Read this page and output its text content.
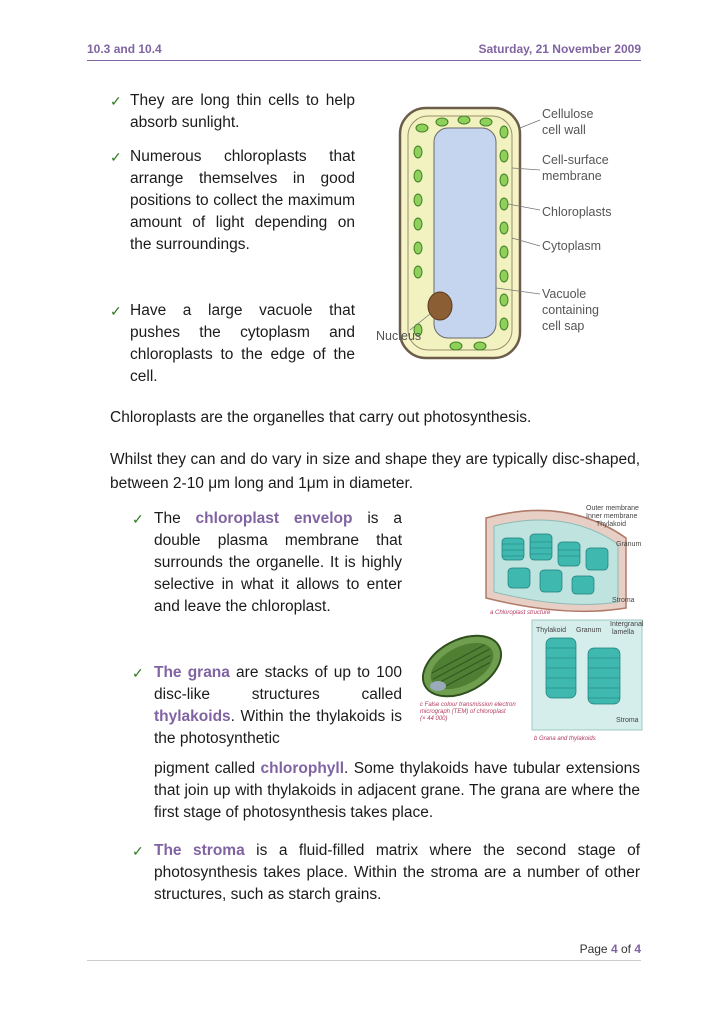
10.3 and 10.4	Saturday, 21 November 2009
✓ They are long thin cells to help absorb sunlight.
✓ Numerous chloroplasts that arrange themselves in good positions to collect the maximum amount of light depending on the surroundings.
✓ Have a large vacuole that pushes the cytoplasm and chloroplasts to the edge of the cell.
Cellulose
cell wall
Cell-surface
membrane
Chloroplasts
Cytoplasm
Vacuole
containing
cell sap
Nucleus
Chloroplasts are the organelles that carry out photosynthesis.
Whilst they can and do vary in size and shape they are typically disc-shaped, between 2-10 μm long and 1μm in diameter.
✓ The chloroplast envelop is a double plasma membrane that surrounds the organelle. It is highly selective in what it allows to enter and leave the chloroplast.
✓ The grana are stacks of up to 100 disc-like structures called thylakoids. Within the thylakoids is the photosynthetic
pigment called chlorophyll. Some thylakoids have tubular extensions that join up with thylakoids in adjacent grane. The grana are where the first stage of photosynthesis takes place.
✓ The stroma is a fluid-filled matrix where the second stage of photosynthesis takes place. Within the stroma are a number of other structures, such as starch grains.
Outer membrane
Inner membrane
Thylakoid
Granum
Stroma
a Chloroplast structure
c False colour transmission electron
micrograph (TEM) of chloroplast
(× 44 000)
Thylakoid Granum
Intergranal
lamella
Stroma
b Grana and thylakoids
Page 4 of 4
